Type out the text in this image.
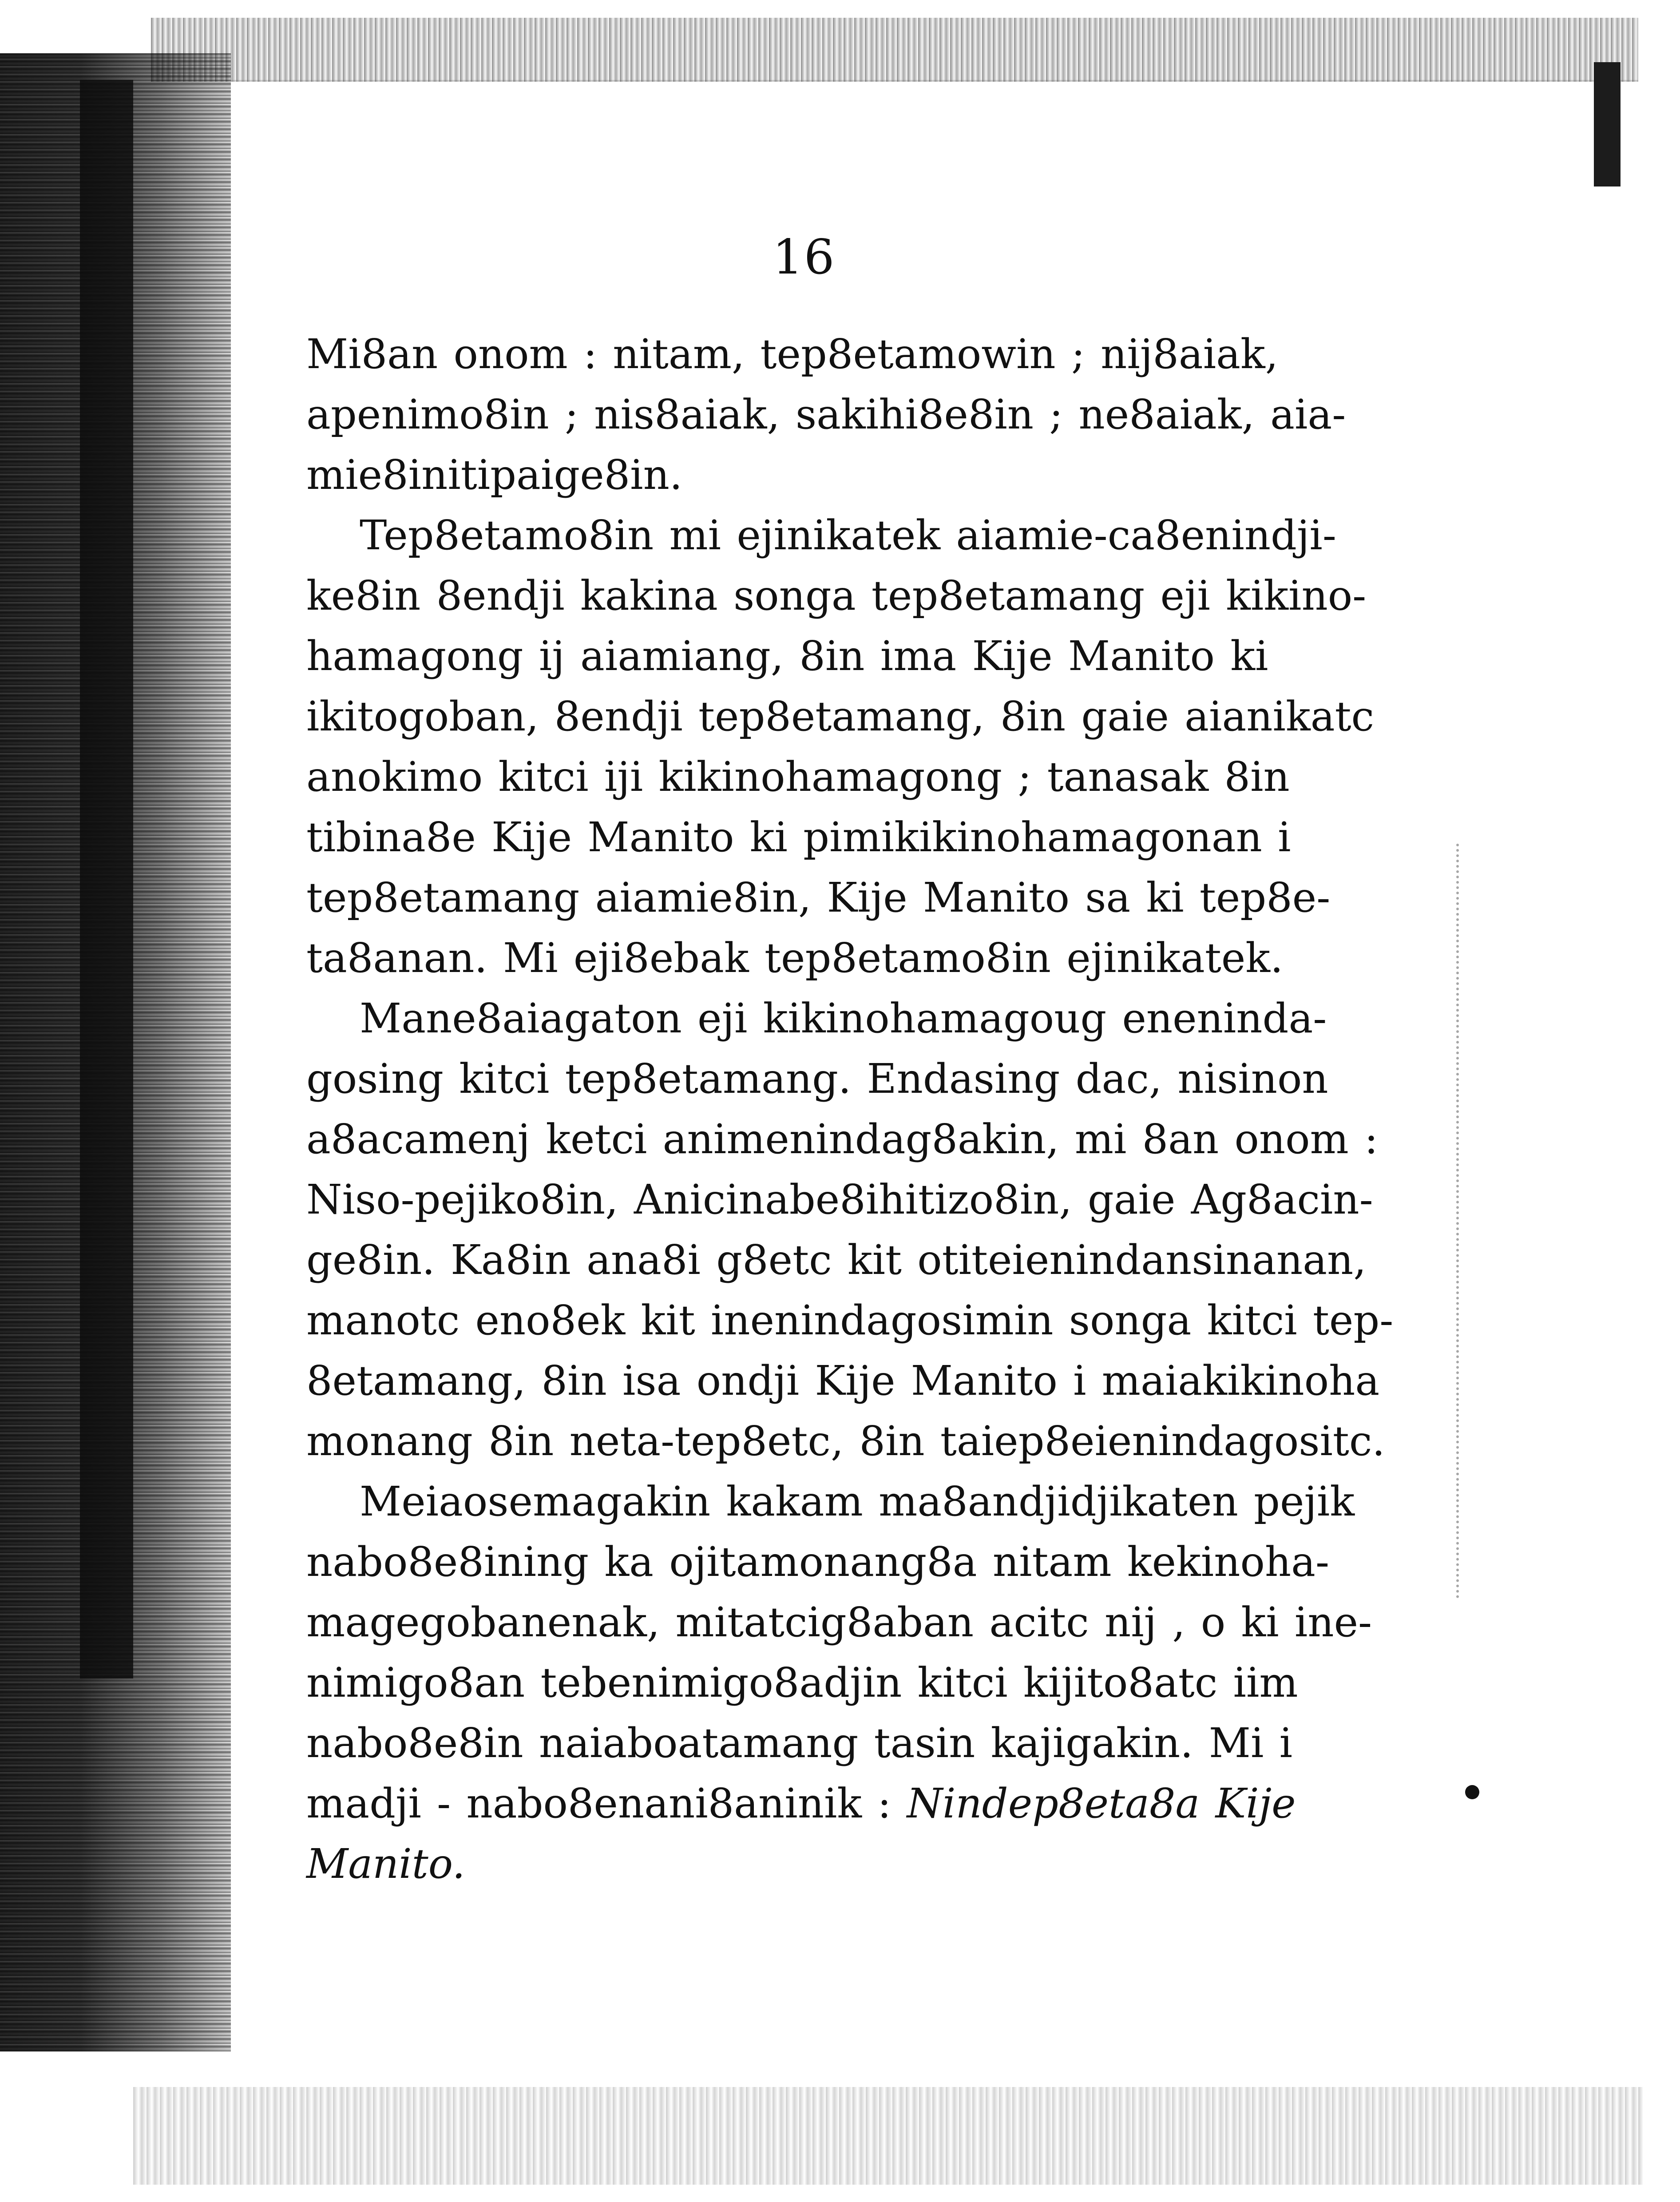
16
Mi8an onom : nitam, tep8etamowin ; nij8aiak,
apenimo8in ; nis8aiak, sakihi8e8in ; ne8aiak, aia-
mie8initipaige8in.
Tep8etamo8in mi ejinikatek aiamie-ca8enindji-
ke8in 8endji kakina songa tep8etamang eji kikino-
hamagong ij aiamiang, 8in ima Kije Manito ki
ikitogoban, 8endji tep8etamang, 8in gaie aianikatc
anokimo kitci iji kikinohamagong ; tanasak 8in
tibina8e Kije Manito ki pimikikinohamagonan i
tep8etamang aiamie8in, Kije Manito sa ki tep8e-
ta8anan. Mi eji8ebak tep8etamo8in ejinikatek.
Mane8aiagaton eji kikinohamagoug eneninda-
gosing kitci tep8etamang. Endasing dac, nisinon
a8acamenj ketci animenindag8akin, mi 8an onom :
Niso-pejiko8in, Anicinabe8ihitizo8in, gaie Ag8acin-
ge8in. Ka8in ana8i g8etc kit otiteienindansinanan,
manotc eno8ek kit inenindagosimin songa kitci tep-
8etamang, 8in isa ondji Kije Manito i maiakikinoha
monang 8in neta-tep8etc, 8in taiep8eienindagositc.
Meiaosemagakin kakam ma8andjidjikaten pejik
nabo8e8ining ka ojitamonang8a nitam kekinoha-
magegobanenak, mitatcig8aban acitc nij , o ki ine-
nimigo8an tebenimigo8adjin kitci kijito8atc iim
nabo8e8in naiaboatamang tasin kajigakin. Mi i
madji - nabo8enani8aninik : Nindep8eta8a Kije
Manito.
